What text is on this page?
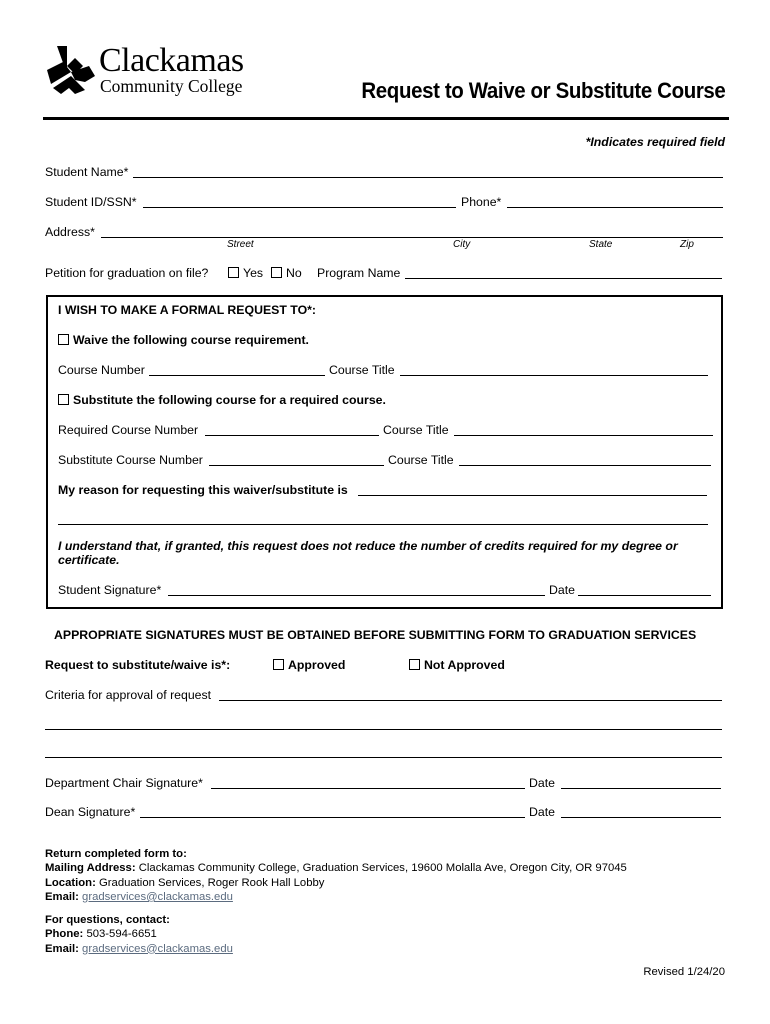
Clackamas
Community College	Request to Waive or Substitute Course
*Indicates required field
Student Name*
Student ID/SSN*	Phone*
Address*
Street	City	State	Zip
Petition for graduation on file?	Yes	No Program Name
I WISH TO MAKE A FORMAL REQUEST TO*:
Waive the following course requirement.
Course Number	Course Title
Substitute the following course for a required course.
Required Course Number	Course Title
Substitute Course Number	Course Title
My reason for requesting this waiver/substitute is
I understand that, if granted, this request does not reduce the number of credits required for my degree or
certificate.
Student Signature*	Date
APPROPRIATE SIGNATURES MUST BE OBTAINED BEFORE SUBMITTING FORM TO GRADUATION SERVICES
Request to substitute/waive is*:	Approved	Not Approved
Criteria for approval of request
Department Chair Signature*	Date
Dean Signature*	Date
Return completed form to:
Mailing Address: Clackamas Community College, Graduation Services, 19600 Molalla Ave, Oregon City, OR 97045
Location: Graduation Services, Roger Rook Hall Lobby
Email: gradservices@clackamas.edu
For questions, contact:
Phone: 503-594-6651
Email: gradservices@clackamas.edu
Revised 1/24/20
